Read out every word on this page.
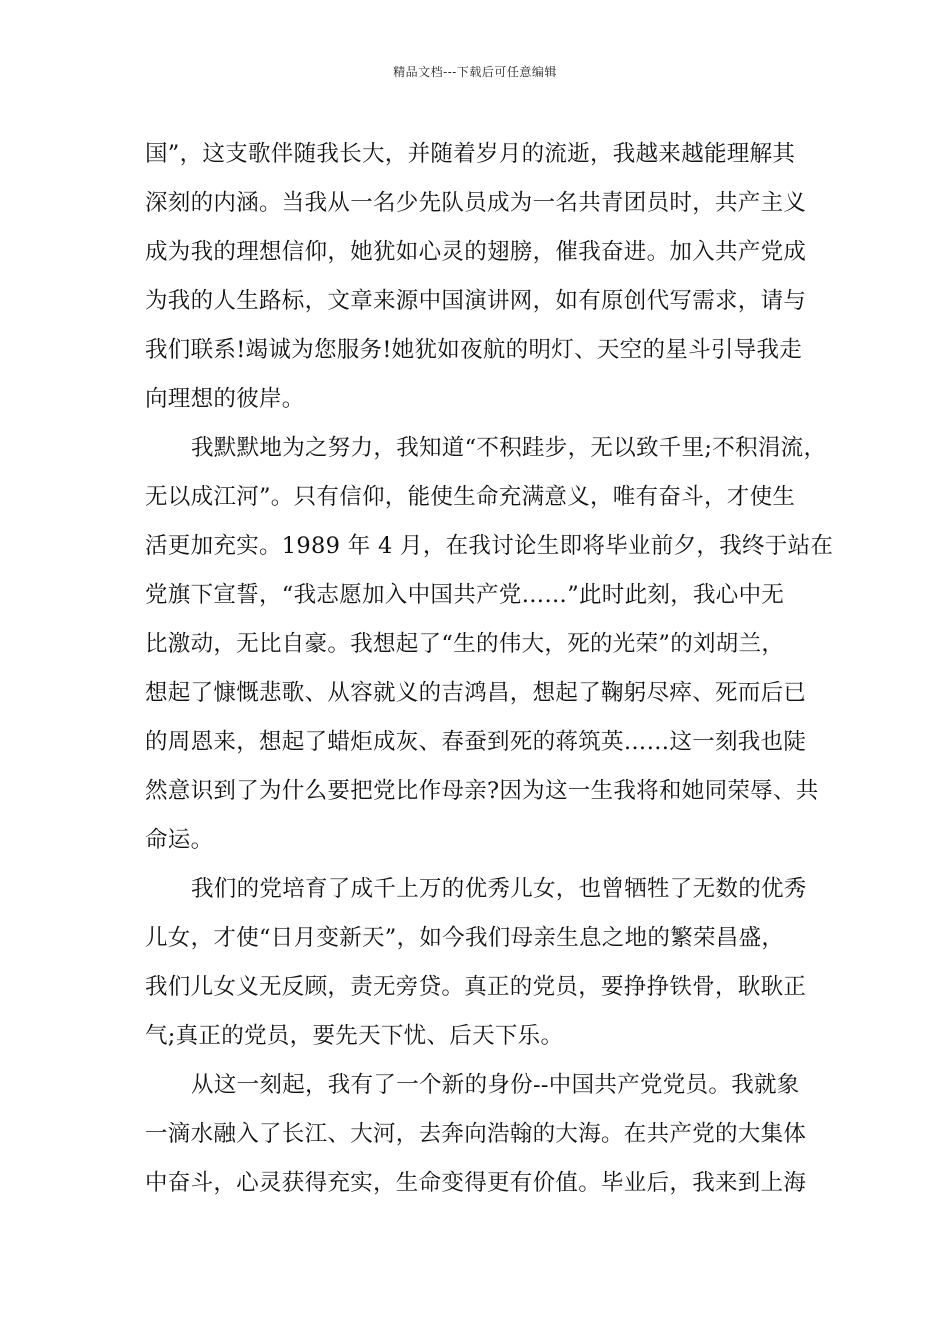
精品文档---下载后可任意编辑
国”，这支歌伴随我长大，并随着岁月的流逝，我越来越能理解其
深刻的内涵。当我从一名少先队员成为一名共青团员时，共产主义
成为我的理想信仰，她犹如心灵的翅膀，催我奋进。加入共产党成
为我的人生路标，文章来源中国演讲网，如有原创代写需求，请与
我们联系!竭诚为您服务!她犹如夜航的明灯、天空的星斗引导我走
向理想的彼岸。
我默默地为之努力，我知道“不积跬步，无以致千里;不积涓流，
无以成江河”。只有信仰，能使生命充满意义，唯有奋斗，才使生
活更加充实。1989 年 4 月，在我讨论生即将毕业前夕，我终于站在
党旗下宣誓，“我志愿加入中国共产党……”此时此刻，我心中无
比激动，无比自豪。我想起了“生的伟大，死的光荣”的刘胡兰，
想起了慷慨悲歌、从容就义的吉鸿昌，想起了鞠躬尽瘁、死而后已
的周恩来，想起了蜡炬成灰、春蚕到死的蒋筑英……这一刻我也陡
然意识到了为什么要把党比作母亲?因为这一生我将和她同荣辱、共
命运。
我们的党培育了成千上万的优秀儿女，也曾牺牲了无数的优秀
儿女，才使“日月变新天”，如今我们母亲生息之地的繁荣昌盛，
我们儿女义无反顾，责无旁贷。真正的党员，要挣挣铁骨，耿耿正
气;真正的党员，要先天下忧、后天下乐。
从这一刻起，我有了一个新的身份--中国共产党党员。我就象
一滴水融入了长江、大河，去奔向浩翰的大海。在共产党的大集体
中奋斗，心灵获得充实，生命变得更有价值。毕业后，我来到上海
